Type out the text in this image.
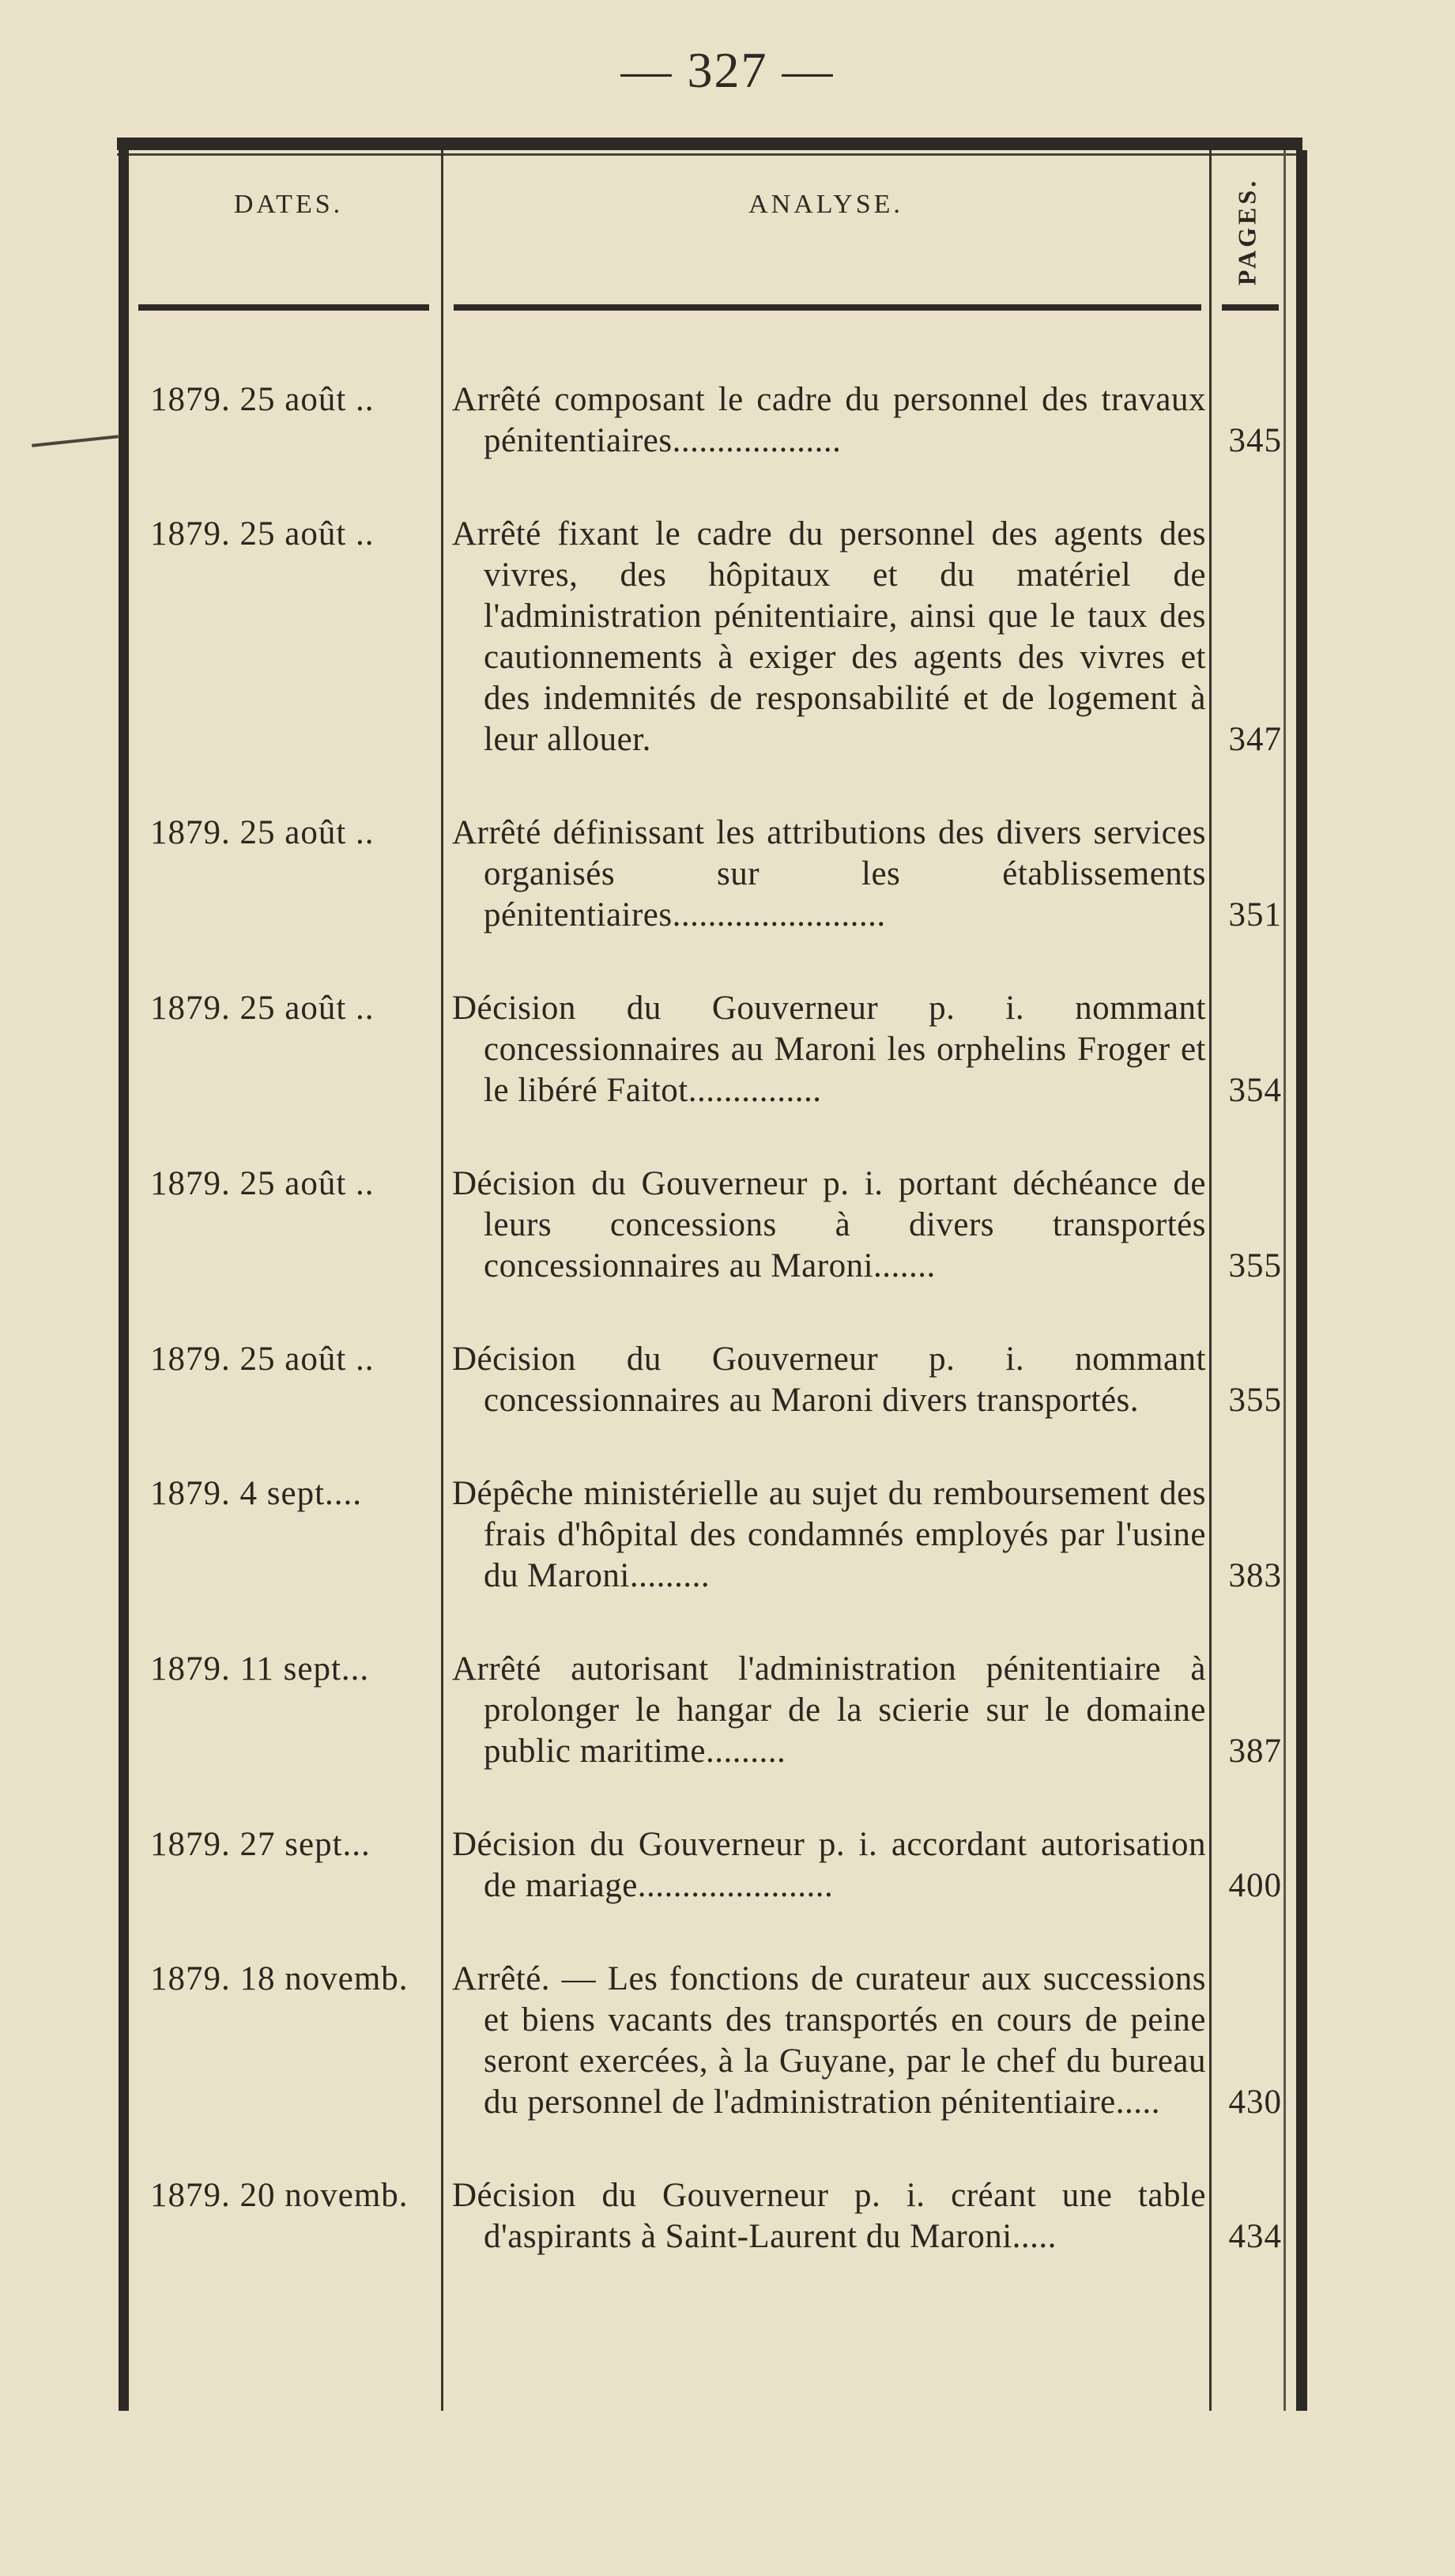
— 327 —
DATES.	ANALYSE.	PAGES.
1879. 25 août ..	Arrêté composant le cadre du personnel des travaux pénitentiaires...................	345
1879. 25 août ..	Arrêté fixant le cadre du personnel des agents des vivres, des hôpitaux et du matériel de l'administration pénitentiaire, ainsi que le taux des cautionnements à exiger des agents des vivres et des indemnités de responsabilité et de logement à leur allouer.	347
1879. 25 août ..	Arrêté définissant les attributions des divers services organisés sur les établissements pénitentiaires........................	351
1879. 25 août ..	Décision du Gouverneur p. i. nommant concessionnaires au Maroni les orphelins Froger et le libéré Faitot...............	354
1879. 25 août ..	Décision du Gouverneur p. i. portant déchéance de leurs concessions à divers transportés concessionnaires au Maroni.......	355
1879. 25 août ..	Décision du Gouverneur p. i. nommant concessionnaires au Maroni divers transportés.	355
1879. 4 sept....	Dépêche ministérielle au sujet du remboursement des frais d'hôpital des condamnés employés par l'usine du Maroni.........	383
1879. 11 sept...	Arrêté autorisant l'administration pénitentiaire à prolonger le hangar de la scierie sur le domaine public maritime.........	387
1879. 27 sept...	Décision du Gouverneur p. i. accordant autorisation de mariage......................	400
1879. 18 novemb.	Arrêté. — Les fonctions de curateur aux successions et biens vacants des transportés en cours de peine seront exercées, à la Guyane, par le chef du bureau du personnel de l'administration pénitentiaire.....	430
1879. 20 novemb.	Décision du Gouverneur p. i. créant une table d'aspirants à Saint-Laurent du Maroni.....	434
